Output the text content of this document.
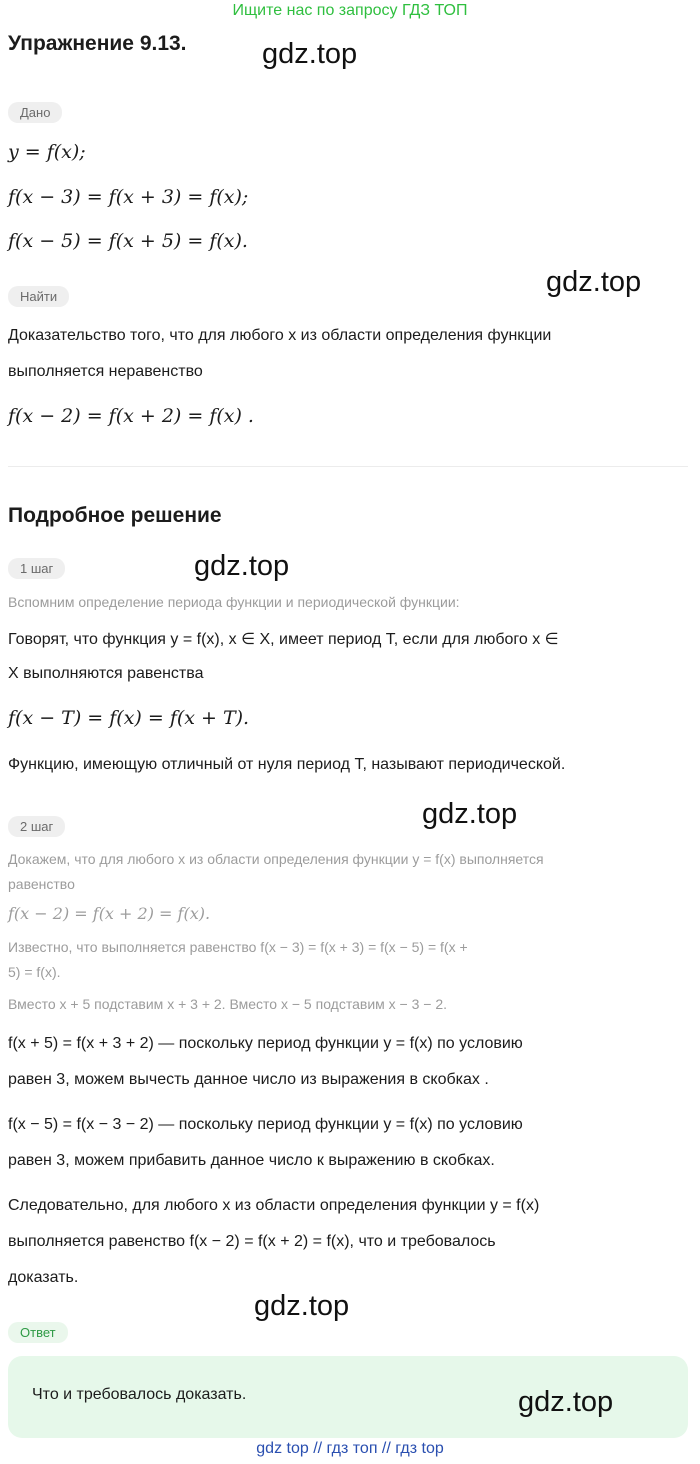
Ищите нас по запросу ГДЗ ТОП
Упражнение 9.13.	gdz.top
Дано
y = f(x);
f(x − 3) = f(x + 3) = f(x);
f(x − 5) = f(x + 5) = f(x).
gdz.top
Найти
Доказательство того, что для любого x из области определения функции
выполняется неравенство
f(x − 2) = f(x + 2) = f(x) .
Подробное решение
1 шаг	gdz.top
Вспомним определение периода функции и периодической функции:
Говорят, что функция y = f(x), x ∈ X, имеет период T, если для любого x ∈
X выполняются равенства
f(x − T) = f(x) = f(x + T).
Функцию, имеющую отличный от нуля период T, называют периодической.
gdz.top
2 шаг
Докажем, что для любого x из области определения функции y = f(x) выполняется
равенство
f(x − 2) = f(x + 2) = f(x).
Известно, что выполняется равенство f(x − 3) = f(x + 3) = f(x − 5) = f(x +
5) = f(x).
Вместо x + 5 подставим x + 3 + 2. Вместо x − 5 подставим x − 3 − 2.
f(x + 5) = f(x + 3 + 2) — поскольку период функции y = f(x) по условию
равен 3, можем вычесть данное число из выражения в скобках .
f(x − 5) = f(x − 3 − 2) — поскольку период функции y = f(x) по условию
равен 3, можем прибавить данное число к выражению в скобках.
Следовательно, для любого x из области определения функции y = f(x)
выполняется равенство f(x − 2) = f(x + 2) = f(x), что и требовалось
доказать.
gdz.top
Ответ
Что и требовалось доказать.	gdz.top
gdz top // гдз топ // гдз top
